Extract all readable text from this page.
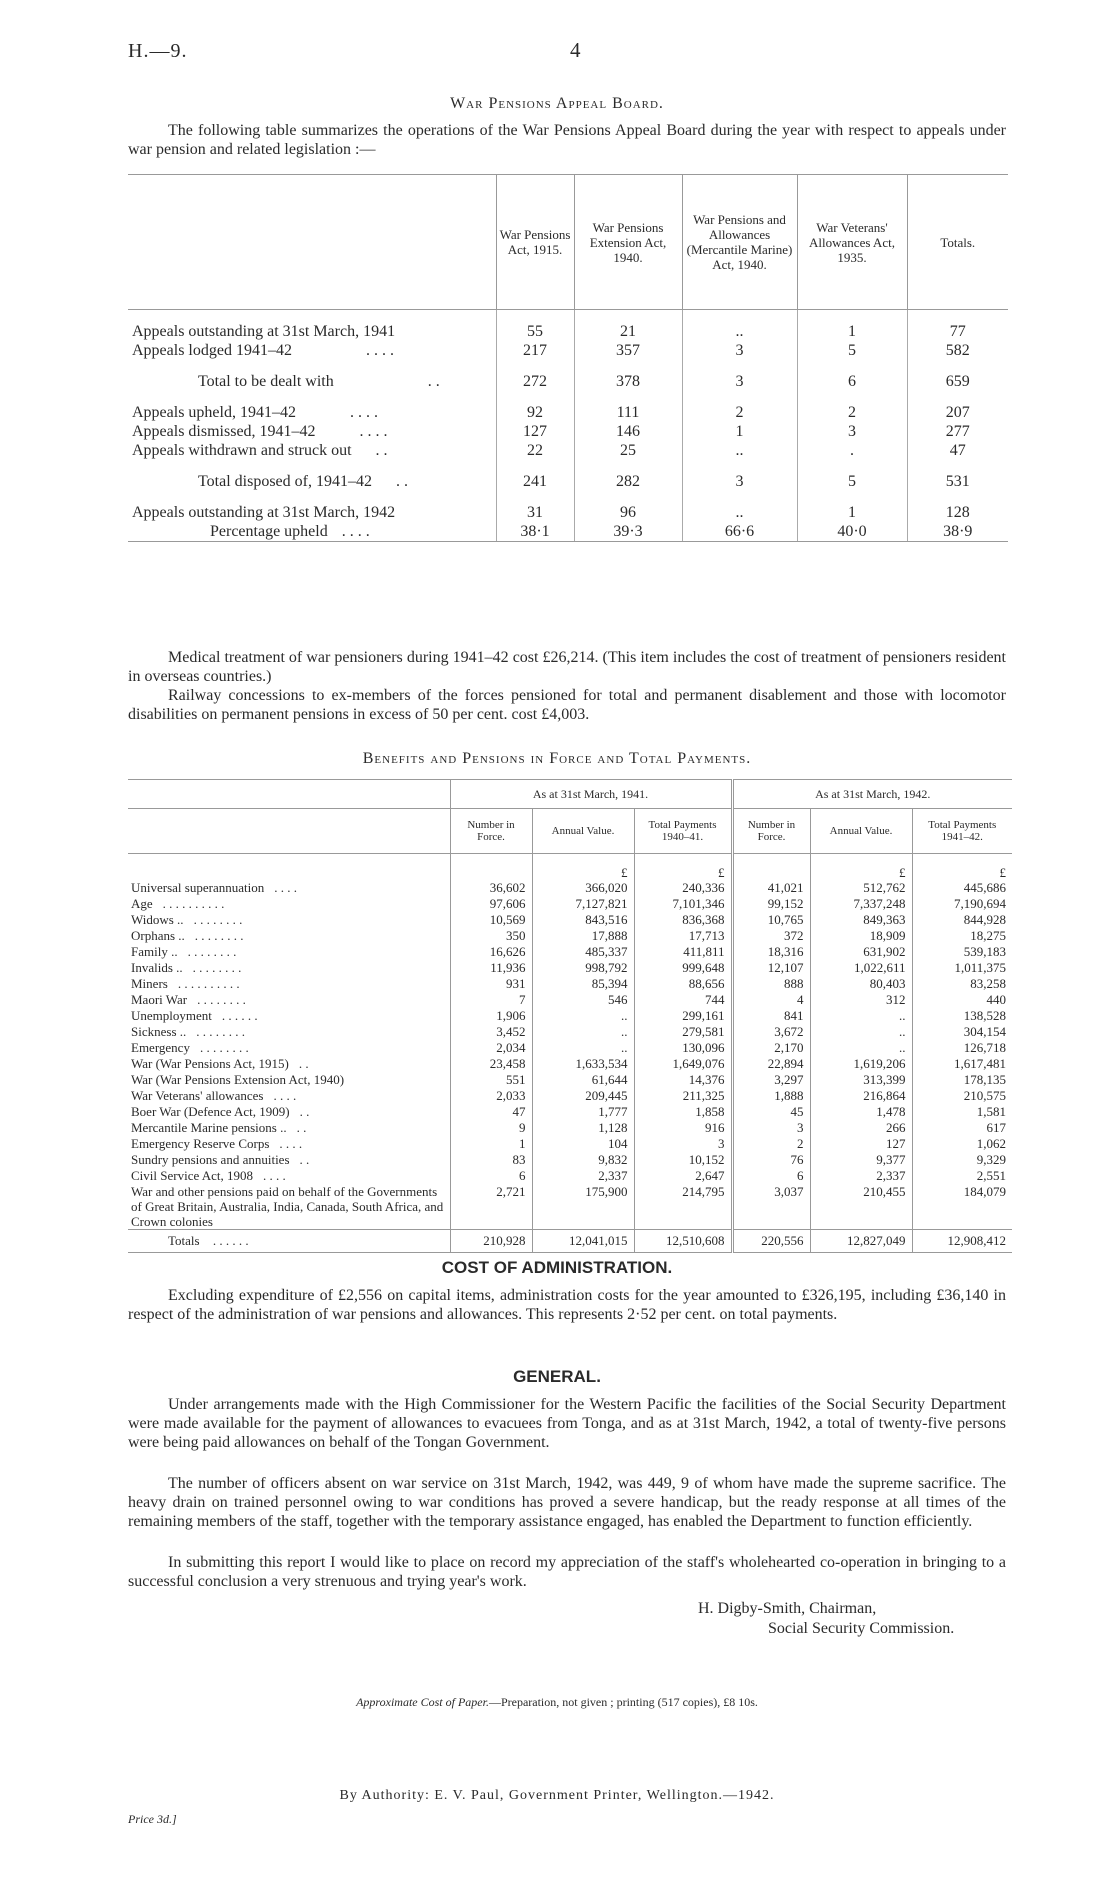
H.—9.	4
War Pensions Appeal Board.
The following table summarizes the operations of the War Pensions Appeal Board during the year with respect to appeals under war pension and related legislation :—
	War Pensions Act, 1915.	War Pensions Extension Act, 1940.	War Pensions and Allowances (Mercantile Marine) Act, 1940.	War Veterans' Allowances Act, 1935.	Totals.

Appeals outstanding at 31st March, 1941	55	21	..	1	77
Appeals lodged 1941–42 . . . .	217	357	3	5	582

Total to be dealt with . .	272	378	3	6	659

Appeals upheld, 1941–42 . . . .	92	111	2	2	207
Appeals dismissed, 1941–42 . . . .	127	146	1	3	277
Appeals withdrawn and struck out . .	22	25	..	.	47

Total disposed of, 1941–42 . .	241	282	3	5	531

Appeals outstanding at 31st March, 1942	31	96	..	1	128
Percentage upheld . . . .	38·1	39·3	66·6	40·0	38·9
Medical treatment of war pensioners during 1941–42 cost £26,214. (This item includes the cost of treatment of pensioners resident in overseas countries.)
Railway concessions to ex-members of the forces pensioned for total and permanent disablement and those with locomotor disabilities on permanent pensions in excess of 50 per cent. cost £4,003.
Benefits and Pensions in Force and Total Payments.
	As at 31st March, 1941.			As at 31st March, 1942.		
	Number in Force.	Annual Value.	Total Payments 1940–41.	Number in Force.	Annual Value.	Total Payments 1941–42.
		£	£		£	£
Universal superannuation . . . .	36,602	366,020	240,336	41,021	512,762	445,686
Age . . . . . . . . . .	97,606	7,127,821	7,101,346	99,152	7,337,248	7,190,694
Widows .. . . . . . . . .	10,569	843,516	836,368	10,765	849,363	844,928
Orphans .. . . . . . . . .	350	17,888	17,713	372	18,909	18,275
Family .. . . . . . . . .	16,626	485,337	411,811	18,316	631,902	539,183
Invalids .. . . . . . . . .	11,936	998,792	999,648	12,107	1,022,611	1,011,375
Miners . . . . . . . . . .	931	85,394	88,656	888	80,403	83,258
Maori War . . . . . . . .	7	546	744	4	312	440
Unemployment . . . . . .	1,906	..	299,161	841	..	138,528
Sickness .. . . . . . . . .	3,452	..	279,581	3,672	..	304,154
Emergency . . . . . . . .	2,034	..	130,096	2,170	..	126,718
War (War Pensions Act, 1915) . .	23,458	1,633,534	1,649,076	22,894	1,619,206	1,617,481
War (War Pensions Extension Act, 1940)	551	61,644	14,376	3,297	313,399	178,135
War Veterans' allowances . . . .	2,033	209,445	211,325	1,888	216,864	210,575
Boer War (Defence Act, 1909) . .	47	1,777	1,858	45	1,478	1,581
Mercantile Marine pensions .. . .	9	1,128	916	3	266	617
Emergency Reserve Corps . . . .	1	104	3	2	127	1,062
Sundry pensions and annuities . .	83	9,832	10,152	76	9,377	9,329
Civil Service Act, 1908 . . . .	6	2,337	2,647	6	2,337	2,551
War and other pensions paid on behalf of the Governments of Great Britain, Australia, India, Canada, South Africa, and Crown colonies	2,721	175,900	214,795	3,037	210,455	184,079
Totals . . . . . .	210,928	12,041,015	12,510,608	220,556	12,827,049	12,908,412
COST OF ADMINISTRATION.
Excluding expenditure of £2,556 on capital items, administration costs for the year amounted to £326,195, including £36,140 in respect of the administration of war pensions and allowances. This represents 2·52 per cent. on total payments.
GENERAL.
Under arrangements made with the High Commissioner for the Western Pacific the facilities of the Social Security Department were made available for the payment of allowances to evacuees from Tonga, and as at 31st March, 1942, a total of twenty-five persons were being paid allowances on behalf of the Tongan Government.
The number of officers absent on war service on 31st March, 1942, was 449, 9 of whom have made the supreme sacrifice. The heavy drain on trained personnel owing to war conditions has proved a severe handicap, but the ready response at all times of the remaining members of the staff, together with the temporary assistance engaged, has enabled the Department to function efficiently.
In submitting this report I would like to place on record my appreciation of the staff's wholehearted co-operation in bringing to a successful conclusion a very strenuous and trying year's work.
H. Digby-Smith, Chairman,
Social Security Commission.
Approximate Cost of Paper.—Preparation, not given ; printing (517 copies), £8 10s.
By Authority: E. V. Paul, Government Printer, Wellington.—1942.
Price 3d.]
